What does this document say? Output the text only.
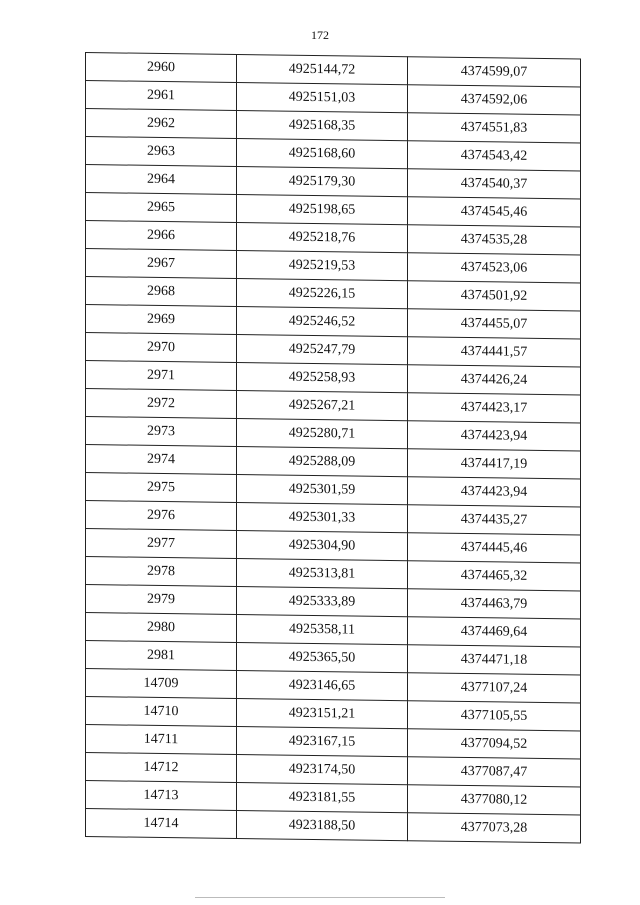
172
2960	4925144,72	4374599,07
2961	4925151,03	4374592,06
2962	4925168,35	4374551,83
2963	4925168,60	4374543,42
2964	4925179,30	4374540,37
2965	4925198,65	4374545,46
2966	4925218,76	4374535,28
2967	4925219,53	4374523,06
2968	4925226,15	4374501,92
2969	4925246,52	4374455,07
2970	4925247,79	4374441,57
2971	4925258,93	4374426,24
2972	4925267,21	4374423,17
2973	4925280,71	4374423,94
2974	4925288,09	4374417,19
2975	4925301,59	4374423,94
2976	4925301,33	4374435,27
2977	4925304,90	4374445,46
2978	4925313,81	4374465,32
2979	4925333,89	4374463,79
2980	4925358,11	4374469,64
2981	4925365,50	4374471,18
14709	4923146,65	4377107,24
14710	4923151,21	4377105,55
14711	4923167,15	4377094,52
14712	4923174,50	4377087,47
14713	4923181,55	4377080,12
14714	4923188,50	4377073,28
